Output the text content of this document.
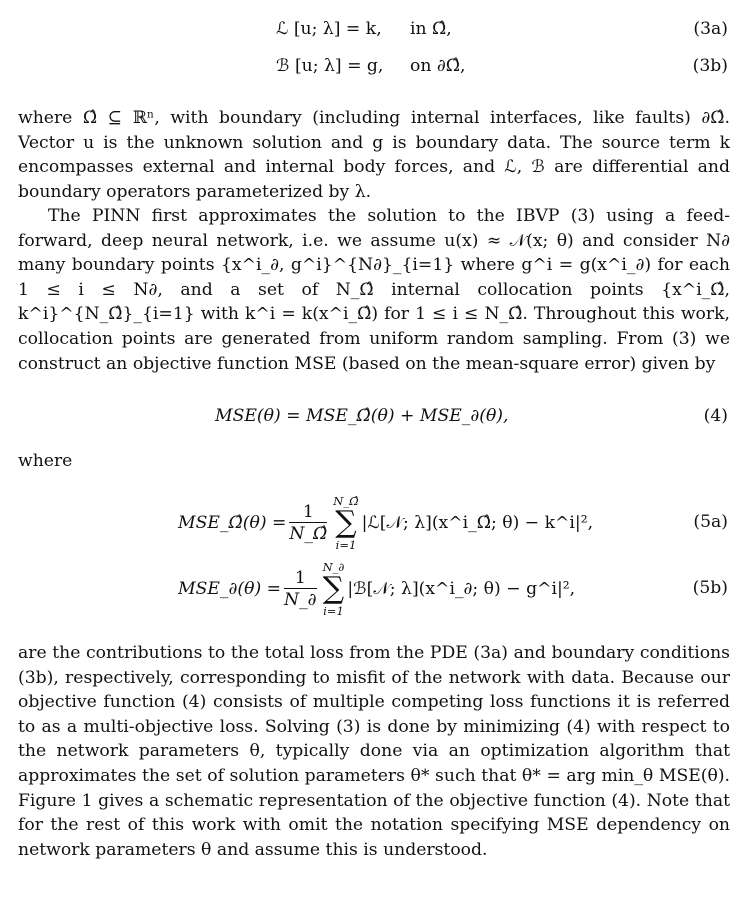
ℒ [u; λ] = k, in Ω̂,	(3a)
ℬ [u; λ] = g, on ∂Ω̂,	(3b)

where Ω̂ ⊆ ℝⁿ, with boundary (including internal interfaces, like faults) ∂Ω̂. Vector u is the unknown solution and g is boundary data. The source term k encompasses external and internal body forces, and ℒ, ℬ are differential and boundary operators parameterized by λ.

The PINN first approximates the solution to the IBVP (3) using a feed-forward, deep neural network, i.e. we assume u(x) ≈ 𝒩(x; θ) and consider N∂ many boundary points {x^i_∂, g^i}^{N∂}_{i=1} where g^i = g(x^i_∂) for each 1 ≤ i ≤ N∂, and a set of N_Ω̂ internal collocation points {x^i_Ω̂, k^i}^{N_Ω̂}_{i=1} with k^i = k(x^i_Ω̂) for 1 ≤ i ≤ N_Ω̂. Throughout this work, collocation points are generated from uniform random sampling. From (3) we construct an objective function MSE (based on the mean-square error) given by

MSE(θ) = MSE_Ω̂(θ) + MSE_∂(θ),	(4)

where

MSE_Ω̂(θ) = $\frac{1}{N\_\Omegâ}$
N_Ω̂
∑
i=1
|ℒ[𝒩; λ](x^i_Ω̂; θ) − k^i|²,	(5a)
MSE_∂(θ) = $\frac{1}{N\_\partial}$
N_∂
∑
i=1
|ℬ[𝒩; λ](x^i_∂; θ) − g^i|²,	(5b)

are the contributions to the total loss from the PDE (3a) and boundary conditions (3b), respectively, corresponding to misfit of the network with data. Because our objective function (4) consists of multiple competing loss functions it is referred to as a multi-objective loss. Solving (3) is done by minimizing (4) with respect to the network parameters θ, typically done via an optimization algorithm that approximates the set of solution parameters θ* such that θ* = arg min_θ MSE(θ). Figure 1 gives a schematic representation of the objective function (4). Note that for the rest of this work with omit the notation specifying MSE dependency on network parameters θ and assume this is understood.
